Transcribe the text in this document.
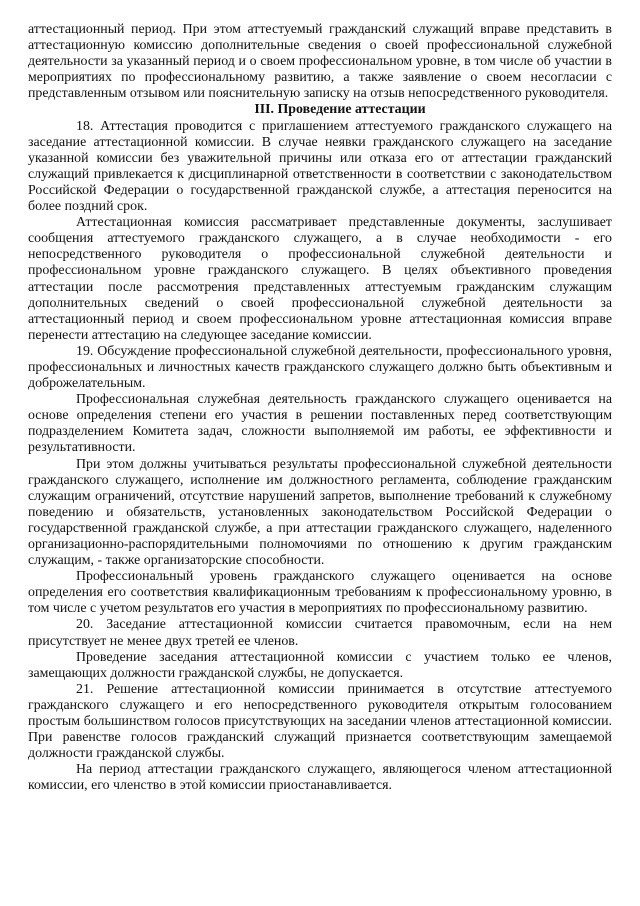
аттестационный период. При этом аттестуемый гражданский служащий вправе представить в аттестационную комиссию дополнительные сведения о своей профессиональной служебной деятельности за указанный период и о своем профессиональном уровне, в том числе об участии в мероприятиях по профессиональному развитию, а также заявление о своем несогласии с представленным отзывом или пояснительную записку на отзыв непосредственного руководителя.

III. Проведение аттестации

18. Аттестация проводится с приглашением аттестуемого гражданского служащего на заседание аттестационной комиссии. В случае неявки гражданского служащего на заседание указанной комиссии без уважительной причины или отказа его от аттестации гражданский служащий привлекается к дисциплинарной ответственности в соответствии с законодательством Российской Федерации о государственной гражданской службе, а аттестация переносится на более поздний срок.

Аттестационная комиссия рассматривает представленные документы, заслушивает сообщения аттестуемого гражданского служащего, а в случае необходимости - его непосредственного руководителя о профессиональной служебной деятельности и профессиональном уровне гражданского служащего. В целях объективного проведения аттестации после рассмотрения представленных аттестуемым гражданским служащим дополнительных сведений о своей профессиональной служебной деятельности за аттестационный период и своем профессиональном уровне аттестационная комиссия вправе перенести аттестацию на следующее заседание комиссии.

19. Обсуждение профессиональной служебной деятельности, профессионального уровня, профессиональных и личностных качеств гражданского служащего должно быть объективным и доброжелательным.

Профессиональная служебная деятельность гражданского служащего оценивается на основе определения степени его участия в решении поставленных перед соответствующим подразделением Комитета задач, сложности выполняемой им работы, ее эффективности и результативности.

При этом должны учитываться результаты профессиональной служебной деятельности гражданского служащего, исполнение им должностного регламента, соблюдение гражданским служащим ограничений, отсутствие нарушений запретов, выполнение требований к служебному поведению и обязательств, установленных законодательством Российской Федерации о государственной гражданской службе, а при аттестации гражданского служащего, наделенного организационно-распорядительными полномочиями по отношению к другим гражданским служащим, - также организаторские способности.

Профессиональный уровень гражданского служащего оценивается на основе определения его соответствия квалификационным требованиям к профессиональному уровню, в том числе с учетом результатов его участия в мероприятиях по профессиональному развитию.

20. Заседание аттестационной комиссии считается правомочным, если на нем присутствует не менее двух третей ее членов.

Проведение заседания аттестационной комиссии с участием только ее членов, замещающих должности гражданской службы, не допускается.

21. Решение аттестационной комиссии принимается в отсутствие аттестуемого гражданского служащего и его непосредственного руководителя открытым голосованием простым большинством голосов присутствующих на заседании членов аттестационной комиссии. При равенстве голосов гражданский служащий признается соответствующим замещаемой должности гражданской службы.

На период аттестации гражданского служащего, являющегося членом аттестационной комиссии, его членство в этой комиссии приостанавливается.
